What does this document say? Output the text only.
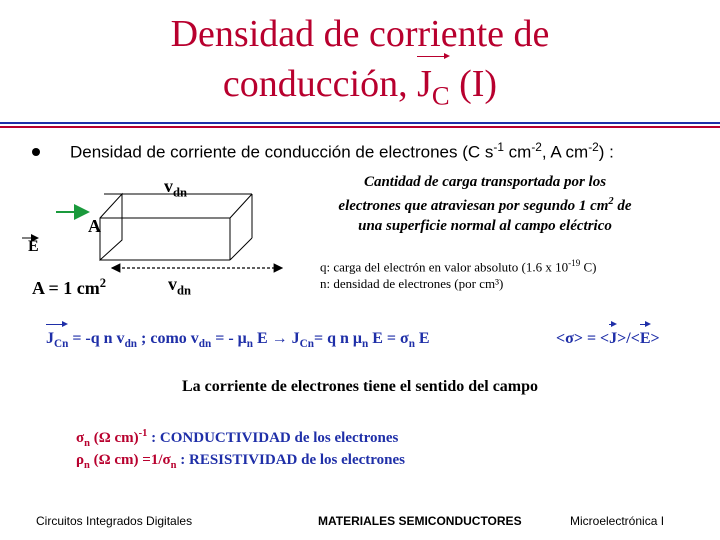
Densidad de corriente de
conducción, $J_C$ (I)
Densidad de corriente de conducción de electrones (C $s^{-1}$ $cm^{-2}$, A $cm^{-2}$) :
$v_{dn}$
A
E
A = 1 $cm^2$	$v_{dn}$
Cantidad de carga transportada por los
electrones que atraviesan por segundo 1 $cm^2$ de
una superficie normal al campo eléctrico
q: carga del electrón en valor absoluto (1.6 x $10^{-19}$ C)
n: densidad de electrones (por cm³)
$J_{Cn} = -q$ n $v_{dn}$ ; como $v_{dn}$ = - $\mu_n$ $E \to J_{Cn}= q$ n $\mu_n$ $E = \sigma_n$ E	<σ> = <J>/<E>
La corriente de electrones tiene el sentido del campo
$\sigma_n$ (Ω cm)$^{-1}$ : CONDUCTIVIDAD de los electrones
$\rho_n$ (Ω $cm) =1/\sigma_n$ : RESISTIVIDAD de los electrones
Circuitos Integrados Digitales	MATERIALES SEMICONDUCTORES	Microelectrónica I
